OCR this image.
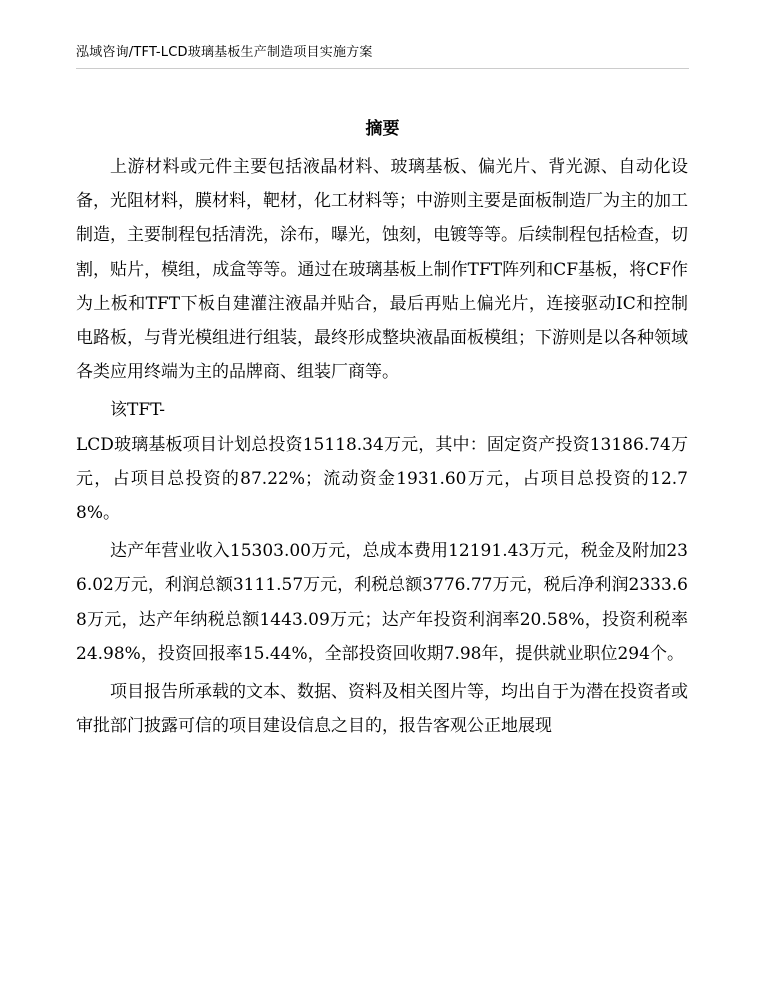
泓域咨询/TFT-LCD玻璃基板生产制造项目实施方案
摘要

上游材料或元件主要包括液晶材料、玻璃基板、偏光片、背光源、自动化设备，光阻材料，膜材料，靶材，化工材料等；中游则主要是面板制造厂为主的加工制造，主要制程包括清洗，涂布，曝光，蚀刻，电镀等等。后续制程包括检查，切割，贴片，模组，成盒等等。通过在玻璃基板上制作TFT阵列和CF基板，将CF作为上板和TFT下板自建灌注液晶并贴合，最后再贴上偏光片，连接驱动IC和控制电路板，与背光模组进行组装，最终形成整块液晶面板模组；下游则是以各种领域各类应用终端为主的品牌商、组装厂商等。

该TFT-

LCD玻璃基板项目计划总投资15118.34万元，其中：固定资产投资13186.74万元，占项目总投资的87.22%；流动资金1931.60万元，占项目总投资的12.78%。

达产年营业收入15303.00万元，总成本费用12191.43万元，税金及附加236.02万元，利润总额3111.57万元，利税总额3776.77万元，税后净利润2333.68万元，达产年纳税总额1443.09万元；达产年投资利润率20.58%，投资利税率24.98%，投资回报率15.44%，全部投资回收期7.98年，提供就业职位294个。

项目报告所承载的文本、数据、资料及相关图片等，均出自于为潜在投资者或审批部门披露可信的项目建设信息之目的，报告客观公正地展现
